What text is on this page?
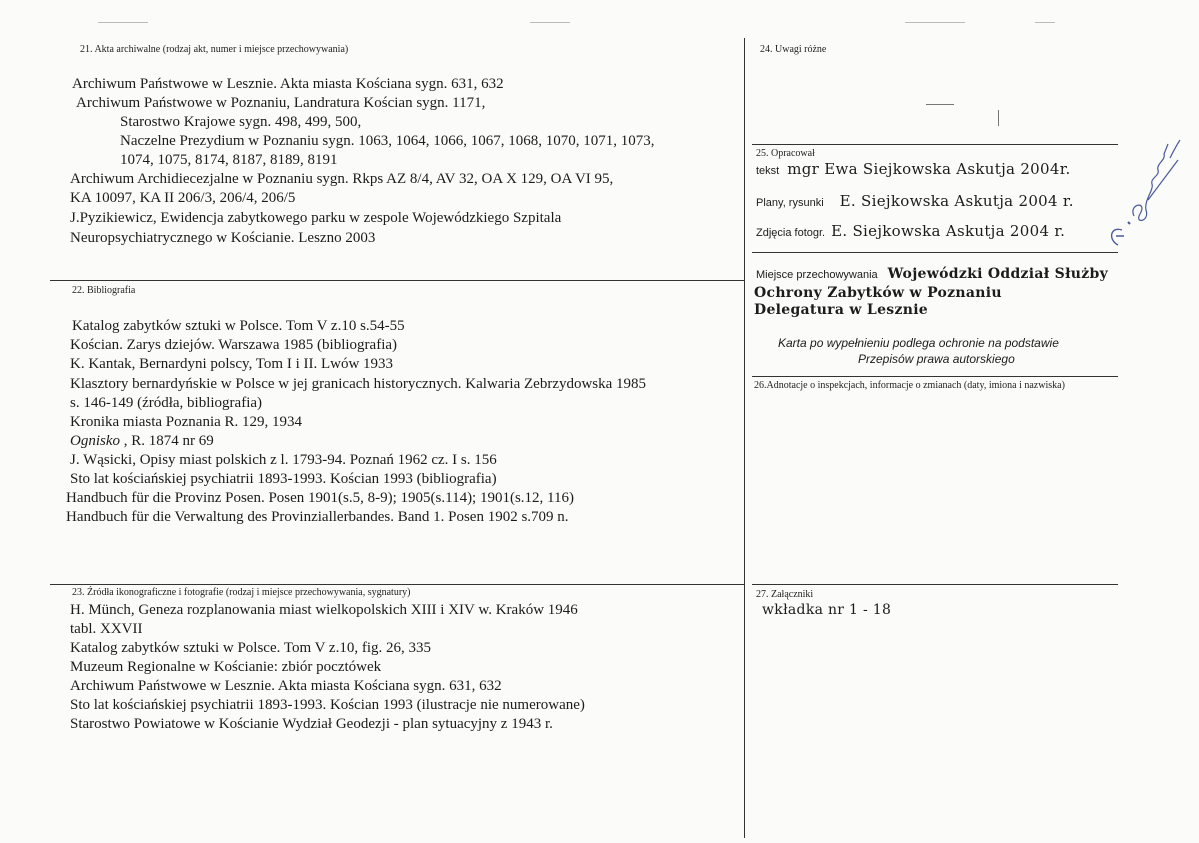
21. Akta archiwalne (rodzaj akt, numer i miejsce przechowywania)
Archiwum Państwowe w Lesznie. Akta miasta Kościana sygn. 631, 632
Archiwum Państwowe w Poznaniu, Landratura Kościan sygn. 1171,
Starostwo Krajowe sygn. 498, 499, 500,
Naczelne Prezydium w Poznaniu sygn. 1063, 1064, 1066, 1067, 1068, 1070, 1071, 1073,
1074, 1075, 8174, 8187, 8189, 8191
Archiwum Archidiecezjalne w Poznaniu sygn. Rkps AZ 8/4, AV 32, OA X 129, OA VI 95,
KA 10097, KA II 206/3, 206/4, 206/5
J.Pyzikiewicz, Ewidencja zabytkowego parku w zespole Wojewódzkiego Szpitala
Neuropsychiatrycznego w Kościanie. Leszno 2003
22. Bibliografia
Katalog zabytków sztuki w Polsce. Tom V z.10 s.54-55
Kościan. Zarys dziejów. Warszawa 1985 (bibliografia)
K. Kantak, Bernardyni polscy, Tom I i II. Lwów 1933
Klasztory bernardyńskie w Polsce w jej granicach historycznych. Kalwaria Zebrzydowska 1985
s. 146-149 (źródła, bibliografia)
Kronika miasta Poznania R. 129, 1934
Ognisko , R. 1874 nr 69
J. Wąsicki, Opisy miast polskich z l. 1793-94. Poznań 1962 cz. I s. 156
Sto lat kościańskiej psychiatrii 1893-1993. Kościan 1993 (bibliografia)
Handbuch für die Provinz Posen. Posen 1901(s.5, 8-9); 1905(s.114); 1901(s.12, 116)
Handbuch für die Verwaltung des Provinziallerbandes. Band 1. Posen 1902 s.709 n.
23. Źródła ikonograficzne i fotografie (rodzaj i miejsce przechowywania, sygnatury)
H. Münch, Geneza rozplanowania miast wielkopolskich XIII i XIV w. Kraków 1946
tabl. XXVII
Katalog zabytków sztuki w Polsce. Tom V z.10, fig. 26, 335
Muzeum Regionalne w Kościanie: zbiór pocztówek
Archiwum Państwowe w Lesznie. Akta miasta Kościana sygn. 631, 632
Sto lat kościańskiej psychiatrii 1893-1993. Kościan 1993 (ilustracje nie numerowane)
Starostwo Powiatowe w Kościanie Wydział Geodezji - plan sytuacyjny z 1943 r.
24. Uwagi różne
25. Opracował
tekst mgr Ewa Siejkowska Askutja 2004r.
Plany, rysunki E. Siejkowska Askutja 2004 r.
Zdjęcia fotogr. E. Siejkowska Askutja 2004 r.
Miejsce przechowywania Wojewódzki Oddział Służby
Ochrony Zabytków w Poznaniu
Delegatura w Lesznie
Karta po wypełnieniu podlega ochronie na podstawie
Przepisów prawa autorskiego
26.Adnotacje o inspekcjach, informacje o zmianach (daty, imiona i nazwiska)
27. Załączniki
wkładka nr 1 - 18
